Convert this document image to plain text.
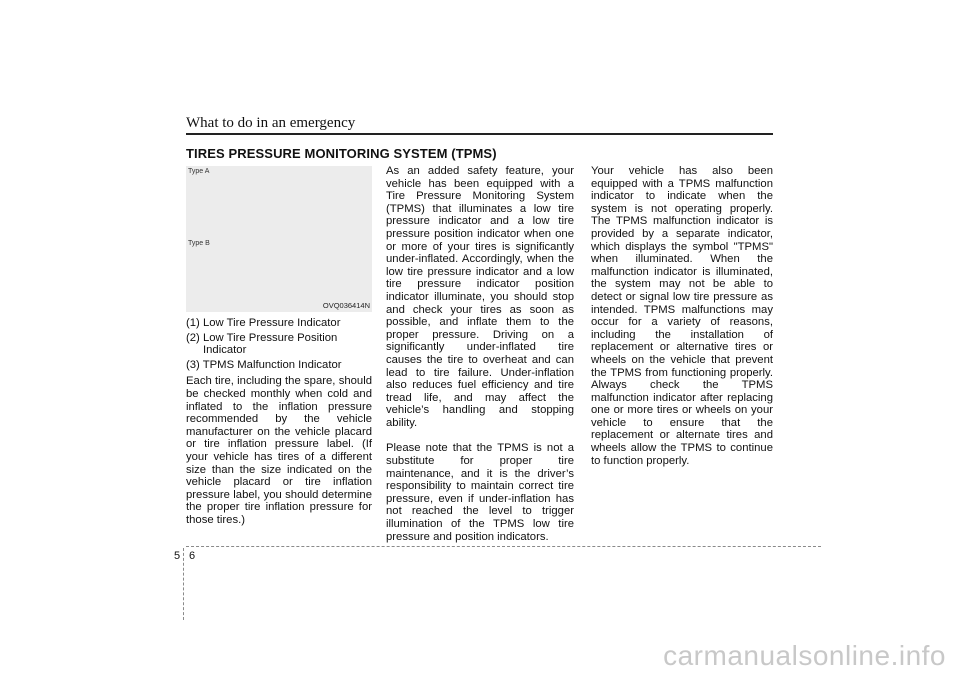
What to do in an emergency
TIRES PRESSURE MONITORING SYSTEM (TPMS)
Type A
Type B
OVQ036414N

(1) Low Tire Pressure Indicator

(2) Low Tire Pressure Position Indicator

(3) TPMS Malfunction Indicator

Each tire, including the spare, should be checked monthly when cold and inflated to the inflation pressure recommended by the vehicle manufacturer on the vehicle placard or tire inflation pressure label. (If your vehicle has tires of a different size than the size indicated on the vehicle placard or tire inflation pressure label, you should determine the proper tire inflation pressure for those tires.)

As an added safety feature, your vehicle has been equipped with a Tire Pressure Monitoring System (TPMS) that illuminates a low tire pressure indicator and a low tire pressure position indicator when one or more of your tires is significantly under-inflated. Accordingly, when the low tire pressure indicator and a low tire pressure indicator position indicator illuminate, you should stop and check your tires as soon as possible, and inflate them to the proper pressure. Driving on a significantly under-inflated tire causes the tire to overheat and can lead to tire failure. Under-inflation also reduces fuel efficiency and tire tread life, and may affect the vehicle’s handling and stopping ability.

Please note that the TPMS is not a substitute for proper tire maintenance, and it is the driver’s responsibility to maintain correct tire pressure, even if under-inflation has not reached the level to trigger illumination of the TPMS low tire pressure and position indicators.

Your vehicle has also been equipped with a TPMS malfunction indicator to indicate when the system is not operating properly. The TPMS malfunction indicator is provided by a separate indicator, which displays the symbol "TPMS" when illuminated. When the malfunction indicator is illuminated, the system may not be able to detect or signal low tire pressure as intended. TPMS malfunctions may occur for a variety of reasons, including the installation of replacement or alternative tires or wheels on the vehicle that prevent the TPMS from functioning properly. Always check the TPMS malfunction indicator after replacing one or more tires or wheels on your vehicle to ensure that the replacement or alternate tires and wheels allow the TPMS to continue to function properly.

5 6
carmanualsonline.info
